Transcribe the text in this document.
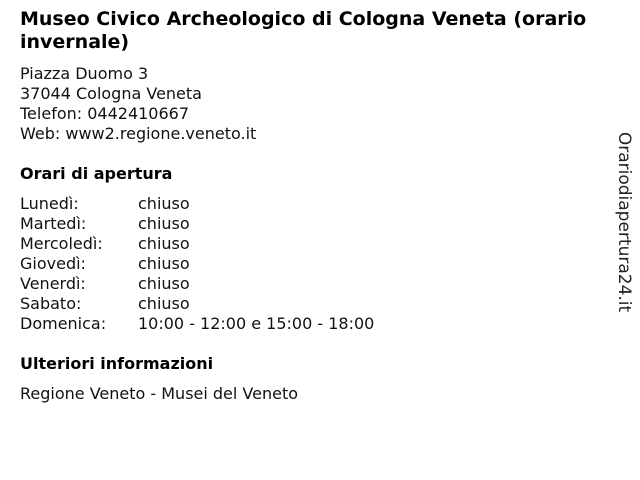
Museo Civico Archeologico di Cologna Veneta (orario invernale)
Piazza Duomo 3
37044 Cologna Veneta
Telefon: 0442410667
Web: www2.regione.veneto.it
Orari di apertura
Lunedì:	chiuso
Martedì:	chiuso
Mercoledì:	chiuso
Giovedì:	chiuso
Venerdì:	chiuso
Sabato:	chiuso
Domenica:	10:00 - 12:00 e 15:00 - 18:00
Ulteriori informazioni
Regione Veneto - Musei del Veneto
Orariodiapertura24.it
